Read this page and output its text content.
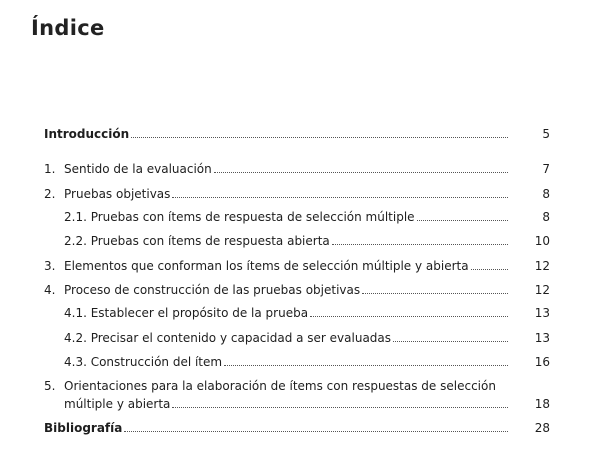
Índice
Introducción	5
1. Sentido de la evaluación	7
2. Pruebas objetivas	8
2.1. Pruebas con ítems de respuesta de selección múltiple	8
2.2. Pruebas con ítems de respuesta abierta	10
3. Elementos que conforman los ítems de selección múltiple y abierta	12
4. Proceso de construcción de las pruebas objetivas	12
4.1. Establecer el propósito de la prueba	13
4.2. Precisar el contenido y capacidad a ser evaluadas	13
4.3. Construcción del ítem	16
5. Orientaciones para la elaboración de ítems con respuestas de selección
múltiple y abierta	18
Bibliografía	28
